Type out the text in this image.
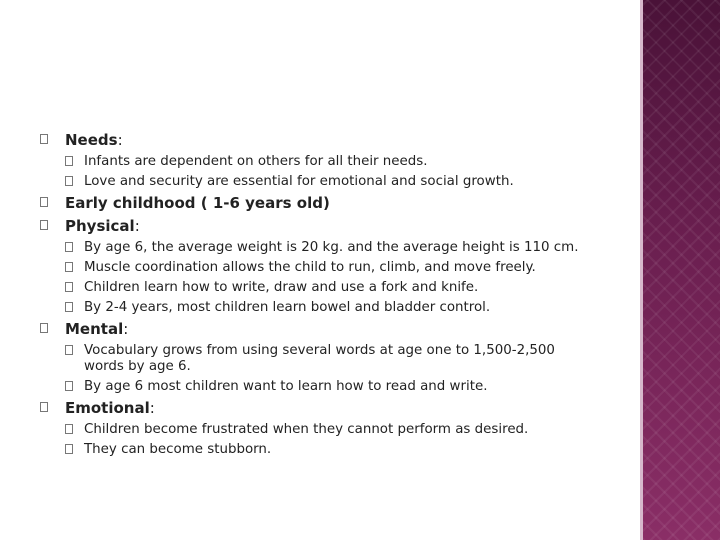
Needs:
Infants are dependent on others for all their needs.
Love and security are essential for emotional and social growth.
Early childhood ( 1-6 years old)
Physical:
By age 6, the average weight is 20 kg. and the average height is 110 cm.
Muscle coordination allows the child to run, climb, and move freely.
Children learn how to write, draw and use a fork and knife.
By 2-4 years, most children learn bowel and bladder control.
Mental:
Vocabulary grows from using several words at age one to 1,500-2,500 words by age 6.
By age 6 most children want to learn how to read and write.
Emotional:
Children become frustrated when they cannot perform as desired.
They can become stubborn.
